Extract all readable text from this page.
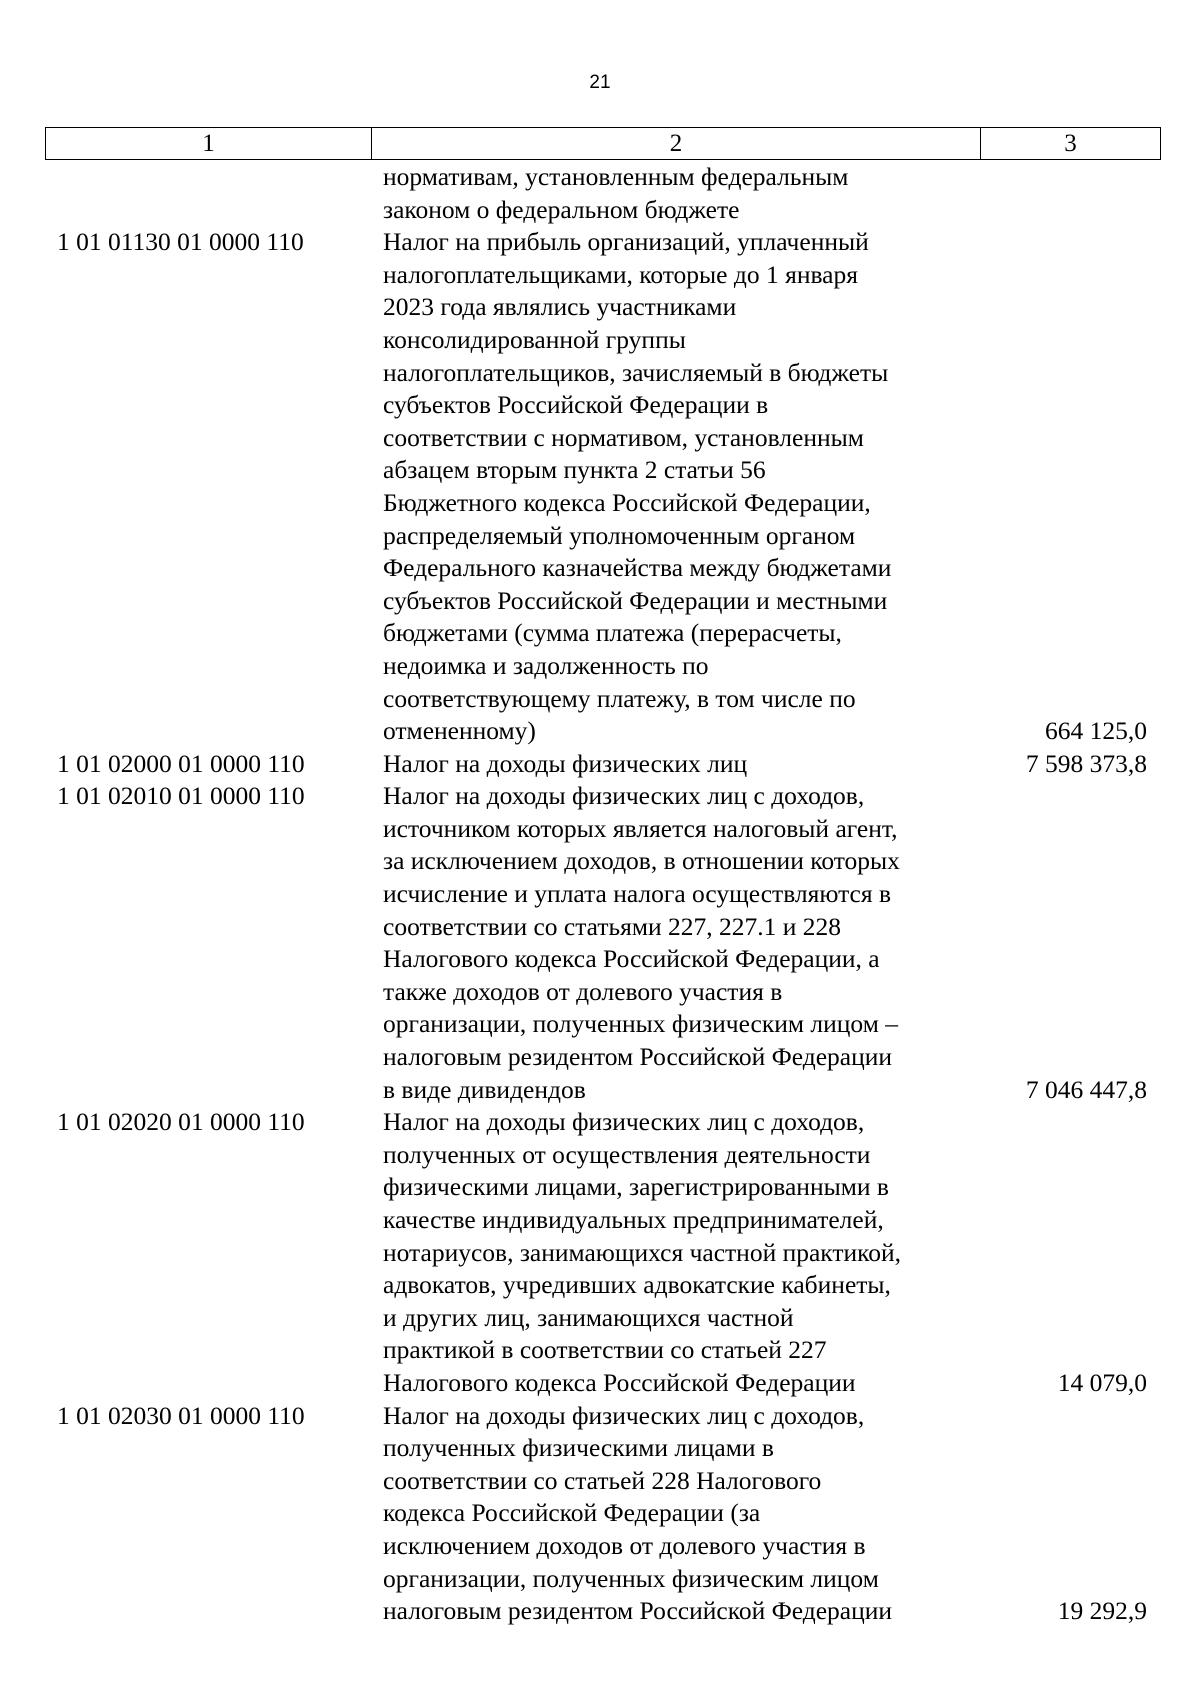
21
1	2	3
нормативам, установленным федеральным
законом о федеральном бюджете
1 01 01130 01 0000 110	Налог на прибыль организаций, уплаченный
налогоплательщиками, которые до 1 января
2023 года являлись участниками
консолидированной группы
налогоплательщиков, зачисляемый в бюджеты
субъектов Российской Федерации в
соответствии с нормативом, установленным
абзацем вторым пункта 2 статьи 56
Бюджетного кодекса Российской Федерации,
распределяемый уполномоченным органом
Федерального казначейства между бюджетами
субъектов Российской Федерации и местными
бюджетами (сумма платежа (перерасчеты,
недоимка и задолженность по
соответствующему платежу, в том числе по
отмененному)	664 125,0
1 01 02000 01 0000 110	Налог на доходы физических лиц	7 598 373,8
1 01 02010 01 0000 110	Налог на доходы физических лиц с доходов,
источником которых является налоговый агент,
за исключением доходов, в отношении которых
исчисление и уплата налога осуществляются в
соответствии со статьями 227, 227.1 и 228
Налогового кодекса Российской Федерации, а
также доходов от долевого участия в
организации, полученных физическим лицом –
налоговым резидентом Российской Федерации
в виде дивидендов	7 046 447,8
1 01 02020 01 0000 110	Налог на доходы физических лиц с доходов,
полученных от осуществления деятельности
физическими лицами, зарегистрированными в
качестве индивидуальных предпринимателей,
нотариусов, занимающихся частной практикой,
адвокатов, учредивших адвокатские кабинеты,
и других лиц, занимающихся частной
практикой в соответствии со статьей 227
Налогового кодекса Российской Федерации	14 079,0
1 01 02030 01 0000 110	Налог на доходы физических лиц с доходов,
полученных физическими лицами в
соответствии со статьей 228 Налогового
кодекса Российской Федерации (за
исключением доходов от долевого участия в
организации, полученных физическим лицом
налоговым резидентом Российской Федерации	19 292,9
